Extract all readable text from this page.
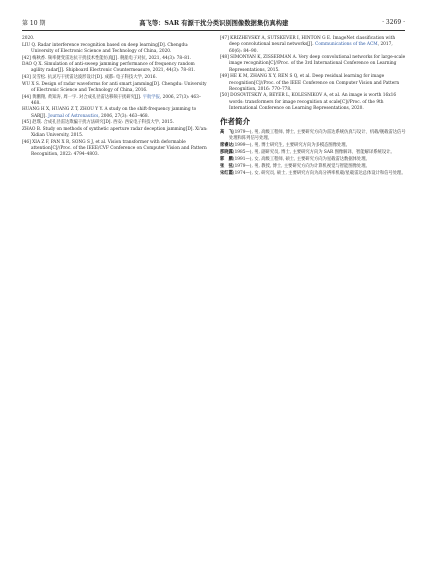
第 10 期	高飞等：SAR 有源干扰分类识别图像数据集仿真构建	· 3269 ·
2020.
LIU Q. Radar interference recognition based on deep learning[D]. Chengdu: University of Electronic Science and Technology of China, 2020.
[42] 梅秋香. 频率捷变雷达抗干扰技术性能仿真[J]. 舰船电子对抗, 2021, 44(3): 78–81.
DAO Q X. Simulation of anti-sweep jamming performance of frequency random agility radar[J]. Shipboard Electronic Countermeasure, 2021, 44(3): 78–81.
[43] 吴雪松. 抗灵巧干扰雷达波形设计[D]. 成都: 电子科技大学, 2016.
WU X S. Design of radar waveforms for anti smart jamming[D]. Chengdu: University of Electronic Science and Technology of China, 2016.
[44] 黄鹏翔, 黄知涛, 周一宇. 对合成孔径雷达移频干扰研究[J]. 宇航学报, 2006, 27(3): 463–468.
HUANG H X, HUANG Z T, ZHOU Y Y. A study on the shift-frequency jamming to SAR[J]. Journal of Astronautics, 2006, 27(3): 463–468.
[45] 赵璞. 合成孔径雷达欺骗干扰方法研究[D]. 西安: 西安电子科技大学, 2015.
ZHAO B. Study on methods of synthetic aperture radar deception jamming[D]. Xi'an: Xidian University, 2015.
[46] XIA Z F, PAN X R, SONG S J, et al. Vision transformer with deformable attention[C]//Proc. of the IEEE/CVF Conference on Computer Vision and Pattern Recognition, 2022: 4794–4803.
[47] KRIZHEVSKY A, SUTSKEVER I, HINTON G E. ImageNet classification with deep convolutional neural networks[J]. Communications of the ACM, 2017, 60(6): 84–90.
[48] SIMONYAN K, ZISSERMAN A. Very deep convolutional networks for large-scale image recognition[C]//Proc. of the 3rd International Conference on Learning Representations, 2015.
[49] HE K M, ZHANG X Y, REN S Q, et al. Deep residual learning for image recognition[C]//Proc. of the IEEE Conference on Computer Vision and Pattern Recognition, 2016: 770–778.
[50] DOSOVITSKIY A, BEYER L, KOLESNIKOV A, et al. An image is worth 16x16 words: transformers for image recognition at scale[C]//Proc. of the 9th International Conference on Learning Representations, 2020.
作者简介
高　飞(1979—), 男, 高级工程师, 博士, 主要研究方向为雷达系统仿真与设计、机载/舰载雷达信号处理和阵列信号处理。
席睿达(1999—), 男, 博士研究生, 主要研究方向为多模态图像处理。
那晓露(1985—), 男, 副研究员, 博士, 主要研究方向为 SAR 图像解译、智能解译系统设计。
郭　鹏(1991—), 女, 高级工程师, 硕士, 主要研究方向为星载雷达数据体处理。
张　弦(1979—), 男, 教授, 博士, 主要研究方向为计算机视觉与智能图像处理。
宋红霞(1974—), 女, 研究员, 硕士, 主要研究方向为高分辨率机载/星载雷达总体设计和信号处理。
